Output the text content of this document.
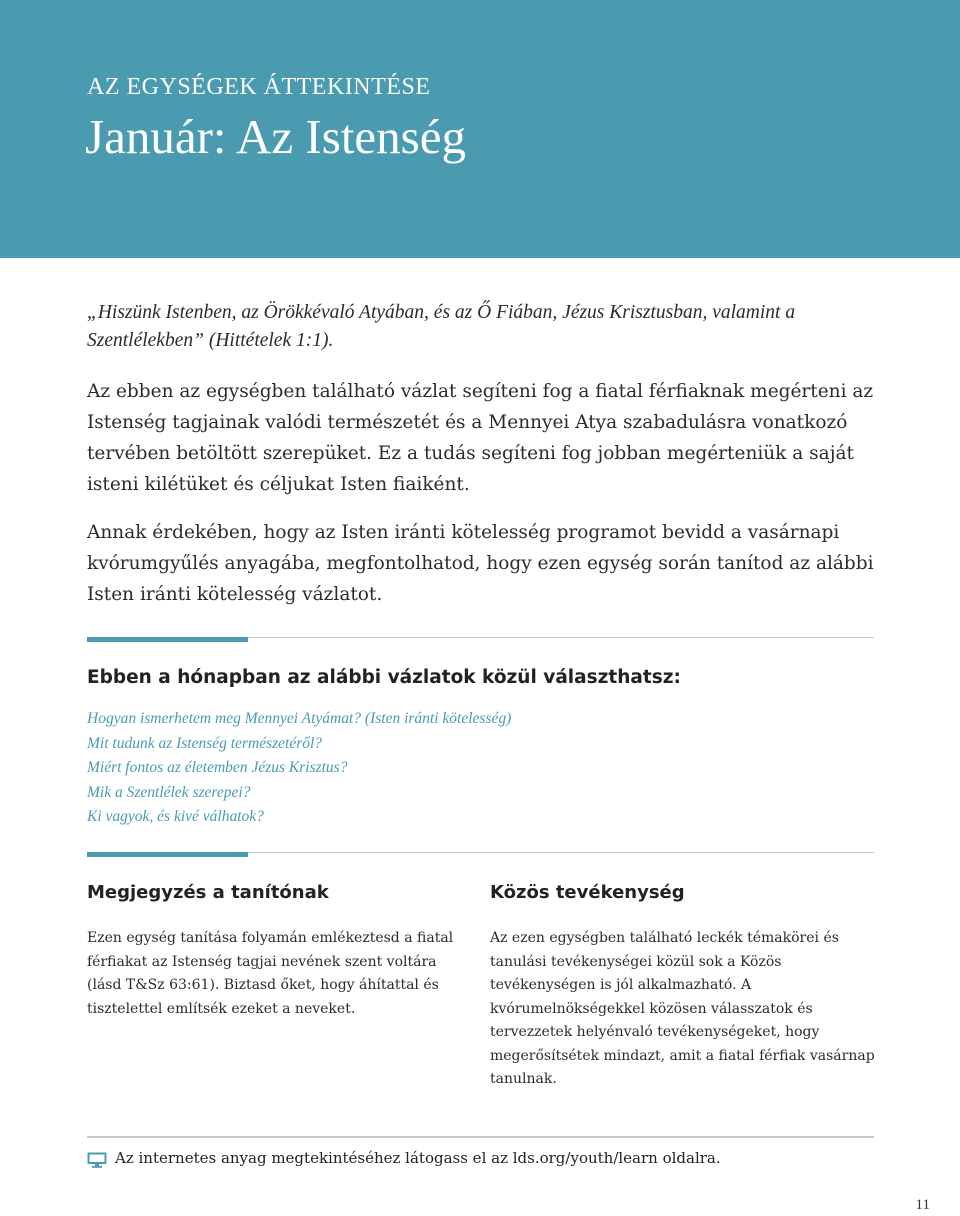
AZ EGYSÉGEK ÁTTEKINTÉSE
Január: Az Istenség

„Hiszünk Istenben, az Örökkévaló Atyában, és az Ő Fiában, Jézus Krisztusban, valamint a Szentlélekben” (Hittételek 1:1).

Az ebben az egységben található vázlat segíteni fog a fiatal férfiaknak megérteni az Istenség tagjainak valódi természetét és a Mennyei Atya szabadulásra vonatkozó tervében betöltött szerepüket. Ez a tudás segíteni fog jobban megérteniük a saját isteni kilétüket és céljukat Isten fiaiként.

Annak érdekében, hogy az Isten iránti kötelesség programot bevidd a vasárnapi kvórumgyűlés anyagába, megfontolhatod, hogy ezen egység során tanítod az alábbi Isten iránti kötelesség vázlatot.

Ebben a hónapban az alábbi vázlatok közül választhatsz:
Hogyan ismerhetem meg Mennyei Atyámat? (Isten iránti kötelesség)
Mit tudunk az Istenség természetéről?
Miért fontos az életemben Jézus Krisztus?
Mik a Szentlélek szerepei?
Ki vagyok, és kivé válhatok?
Megjegyzés a tanítónak

Ezen egység tanítása folyamán emlékeztesd a fiatal férfiakat az Istenség tagjai nevének szent voltára (lásd T&Sz 63:61). Biztasd őket, hogy áhítattal és tisztelettel említsék ezeket a neveket.

Közös tevékenység

Az ezen egységben található leckék témakörei és tanulási tevékenységei közül sok a Közös tevékenységen is jól alkalmazható. A kvórumelnökségekkel közösen válasszatok és tervezzetek helyénvaló tevékenységeket, hogy megerősítsétek mindazt, amit a fiatal férfiak vasárnap tanulnak.

Az internetes anyag megtekintéséhez látogass el az lds.org/youth/learn oldalra.
11
